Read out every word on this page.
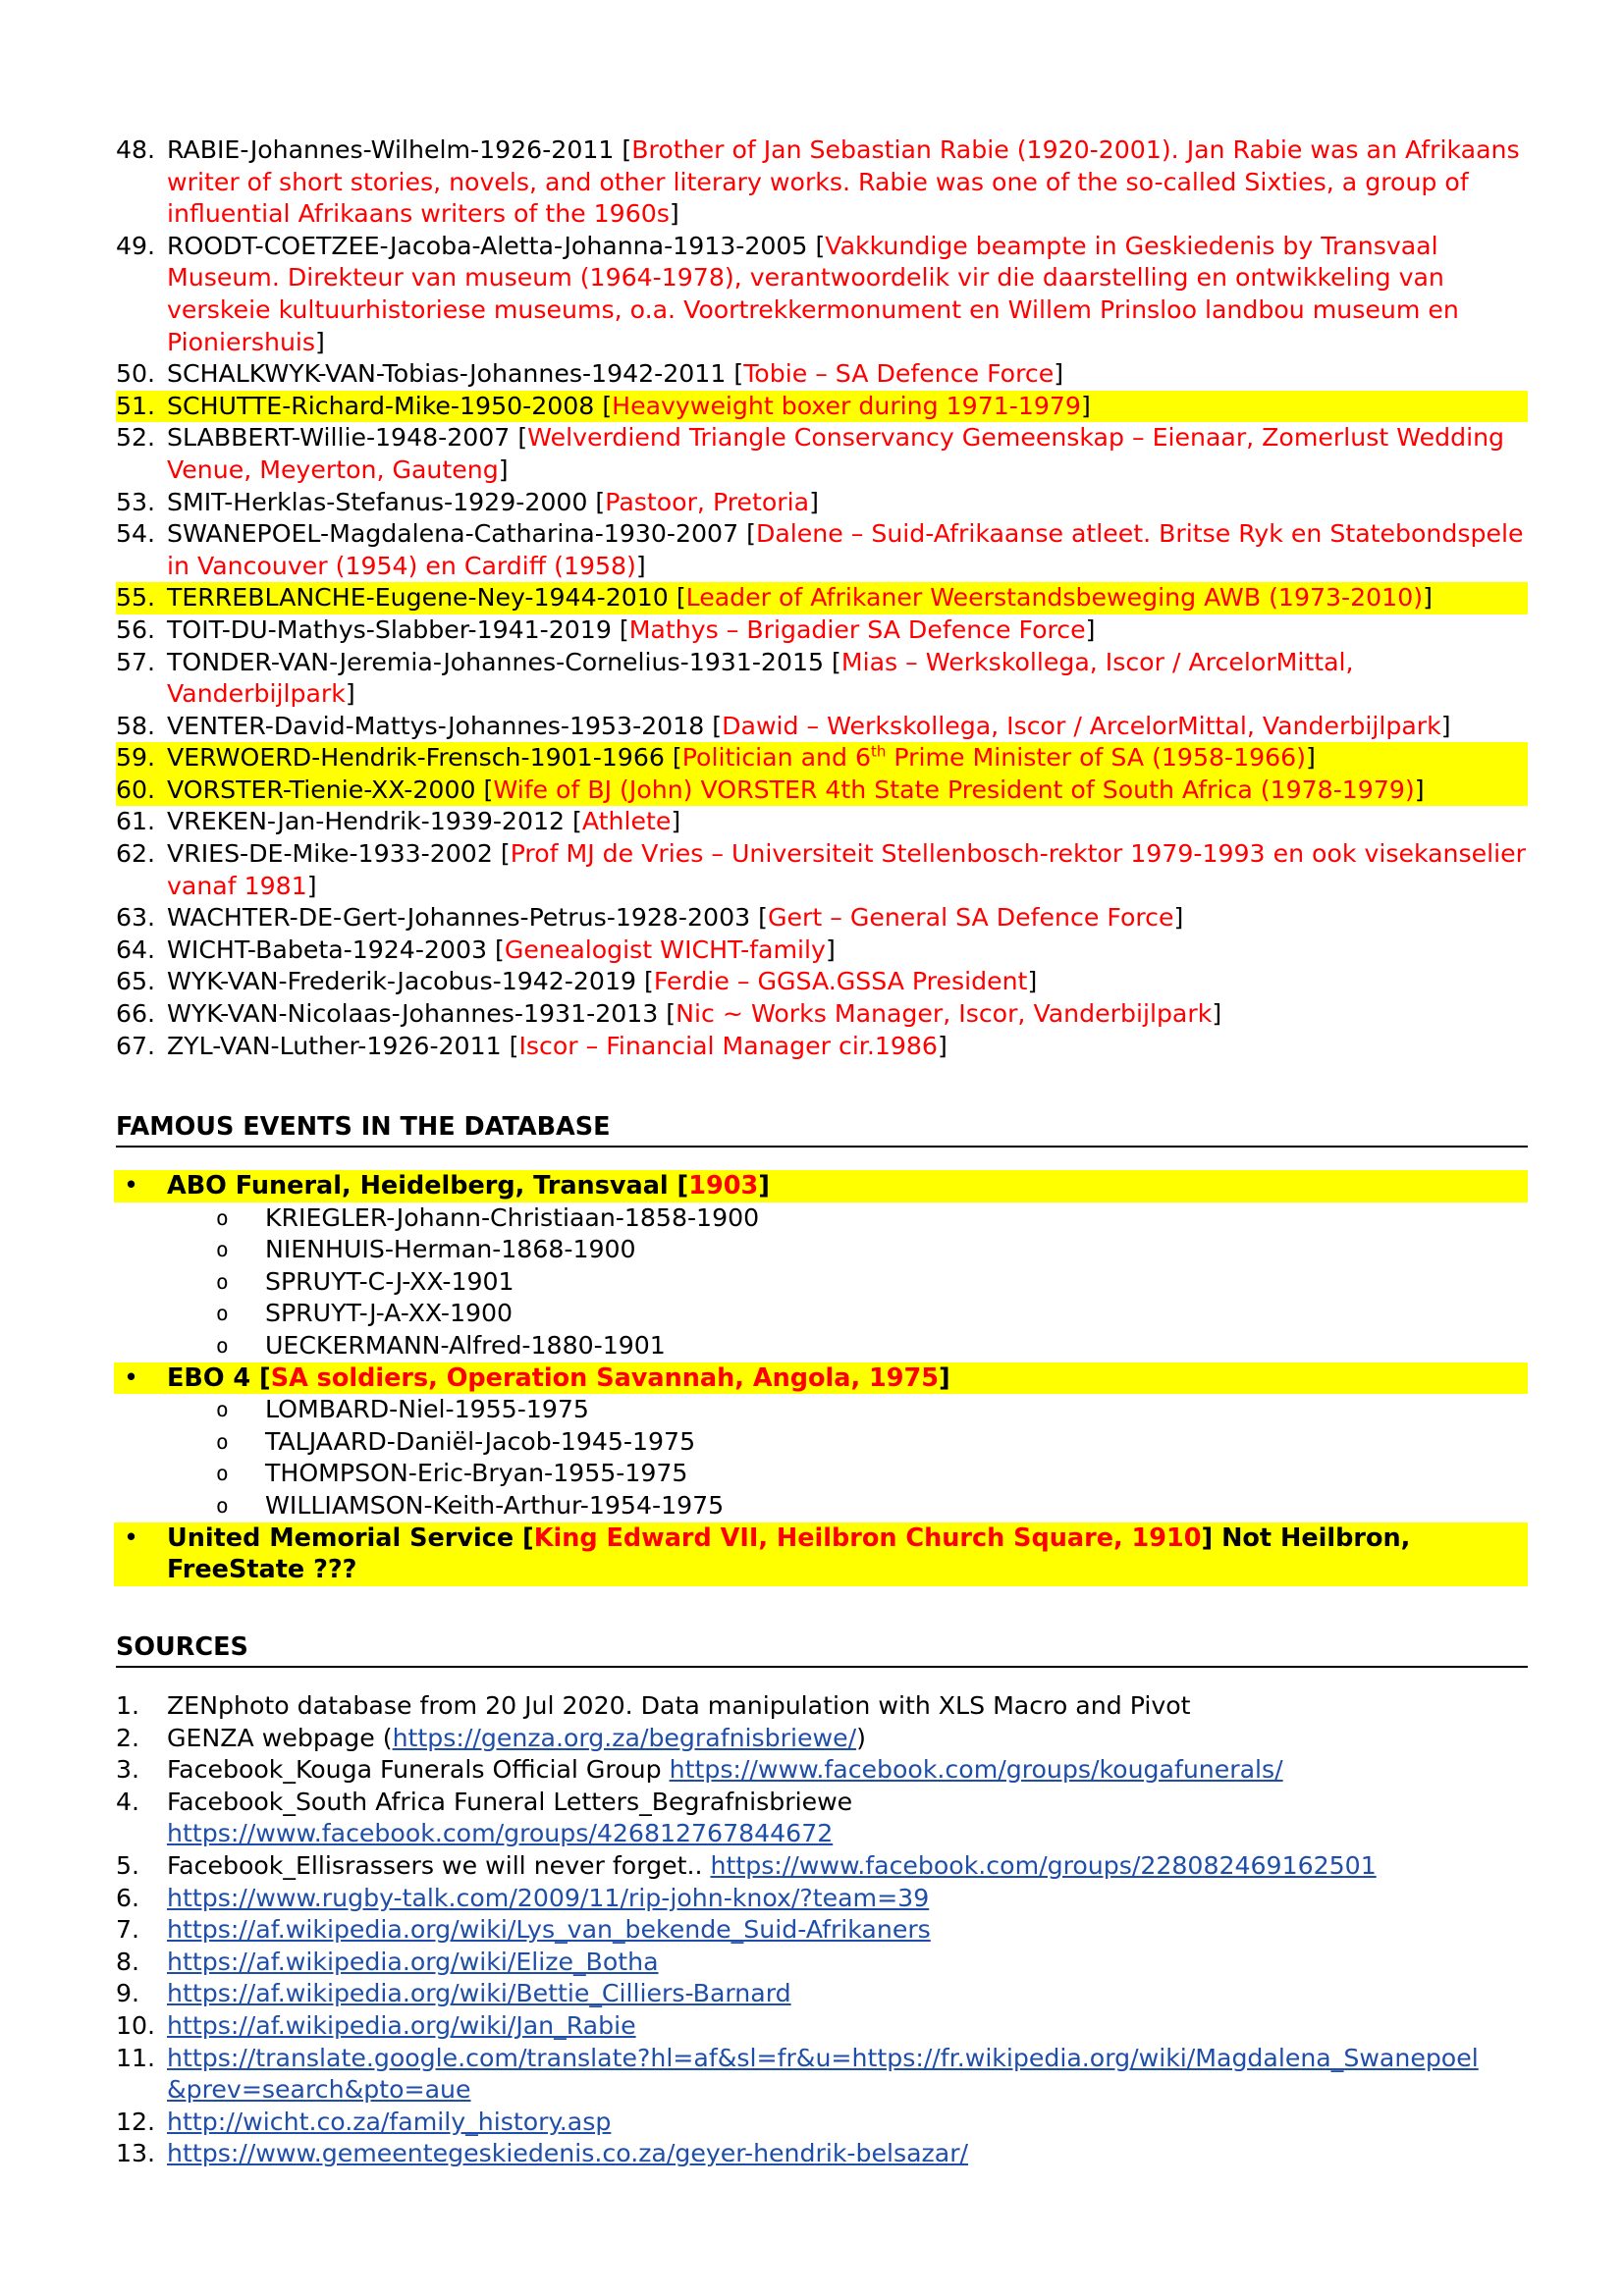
48. RABIE-Johannes-Wilhelm-1926-2011 [Brother of Jan Sebastian Rabie (1920-2001). Jan Rabie was an Afrikaans writer of short stories, novels, and other literary works. Rabie was one of the so-called Sixties, a group of influential Afrikaans writers of the 1960s]
49. ROODT-COETZEE-Jacoba-Aletta-Johanna-1913-2005 [Vakkundige beampte in Geskiedenis by Transvaal Museum. Direkteur van museum (1964-1978), verantwoordelik vir die daarstelling en ontwikkeling van verskeie kultuurhistoriese museums, o.a. Voortrekkermonument en Willem Prinsloo landbou museum en Pioniershuis]
50. SCHALKWYK-VAN-Tobias-Johannes-1942-2011 [Tobie – SA Defence Force]
51. SCHUTTE-Richard-Mike-1950-2008 [Heavyweight boxer during 1971-1979]
52. SLABBERT-Willie-1948-2007 [Welverdiend Triangle Conservancy Gemeenskap – Eienaar, Zomerlust Wedding Venue, Meyerton, Gauteng]
53. SMIT-Herklas-Stefanus-1929-2000 [Pastoor, Pretoria]
54. SWANEPOEL-Magdalena-Catharina-1930-2007 [Dalene – Suid-Afrikaanse atleet. Britse Ryk en Statebondspele in Vancouver (1954) en Cardiff (1958)]
55. TERREBLANCHE-Eugene-Ney-1944-2010 [Leader of Afrikaner Weerstandsbeweging AWB (1973-2010)]
56. TOIT-DU-Mathys-Slabber-1941-2019 [Mathys – Brigadier SA Defence Force]
57. TONDER-VAN-Jeremia-Johannes-Cornelius-1931-2015 [Mias – Werkskollega, Iscor / ArcelorMittal, Vanderbijlpark]
58. VENTER-David-Mattys-Johannes-1953-2018 [Dawid – Werkskollega, Iscor / ArcelorMittal, Vanderbijlpark]
59. VERWOERD-Hendrik-Frensch-1901-1966 [Politician and 6th Prime Minister of SA (1958-1966)]
60. VORSTER-Tienie-XX-2000 [Wife of BJ (John) VORSTER 4th State President of South Africa (1978-1979)]
61. VREKEN-Jan-Hendrik-1939-2012 [Athlete]
62. VRIES-DE-Mike-1933-2002 [Prof MJ de Vries – Universiteit Stellenbosch-rektor 1979-1993 en ook visekanselier vanaf 1981]
63. WACHTER-DE-Gert-Johannes-Petrus-1928-2003 [Gert – General SA Defence Force]
64. WICHT-Babeta-1924-2003 [Genealogist WICHT-family]
65. WYK-VAN-Frederik-Jacobus-1942-2019 [Ferdie – GGSA.GSSA President]
66. WYK-VAN-Nicolaas-Johannes-1931-2013 [Nic ~ Works Manager, Iscor, Vanderbijlpark]
67. ZYL-VAN-Luther-1926-2011 [Iscor – Financial Manager cir.1986]
FAMOUS EVENTS IN THE DATABASE
• ABO Funeral, Heidelberg, Transvaal [1903]
o KRIEGLER-Johann-Christiaan-1858-1900
o NIENHUIS-Herman-1868-1900
o SPRUYT-C-J-XX-1901
o SPRUYT-J-A-XX-1900
o UECKERMANN-Alfred-1880-1901
• EBO 4 [SA soldiers, Operation Savannah, Angola, 1975]
o LOMBARD-Niel-1955-1975
o TALJAARD-Daniël-Jacob-1945-1975
o THOMPSON-Eric-Bryan-1955-1975
o WILLIAMSON-Keith-Arthur-1954-1975
• United Memorial Service [King Edward VII, Heilbron Church Square, 1910] Not Heilbron, FreeState ???
SOURCES
1. ZENphoto database from 20 Jul 2020. Data manipulation with XLS Macro and Pivot
2. GENZA webpage (https://genza.org.za/begrafnisbriewe/)
3. Facebook_Kouga Funerals Official Group https://www.facebook.com/groups/kougafunerals/
4. Facebook_South Africa Funeral Letters_Begrafnisbriewe
https://www.facebook.com/groups/426812767844672
5. Facebook_Ellisrassers we will never forget.. https://www.facebook.com/groups/228082469162501
6. https://www.rugby-talk.com/2009/11/rip-john-knox/?team=39
7. https://af.wikipedia.org/wiki/Lys_van_bekende_Suid-Afrikaners
8. https://af.wikipedia.org/wiki/Elize_Botha
9. https://af.wikipedia.org/wiki/Bettie_Cilliers-Barnard
10. https://af.wikipedia.org/wiki/Jan_Rabie
11. https://translate.google.com/translate?hl=af&sl=fr&u=https://fr.wikipedia.org/wiki/Magdalena_Swanepoel &prev=search&pto=aue
12. http://wicht.co.za/family_history.asp
13. https://www.gemeentegeskiedenis.co.za/geyer-hendrik-belsazar/
